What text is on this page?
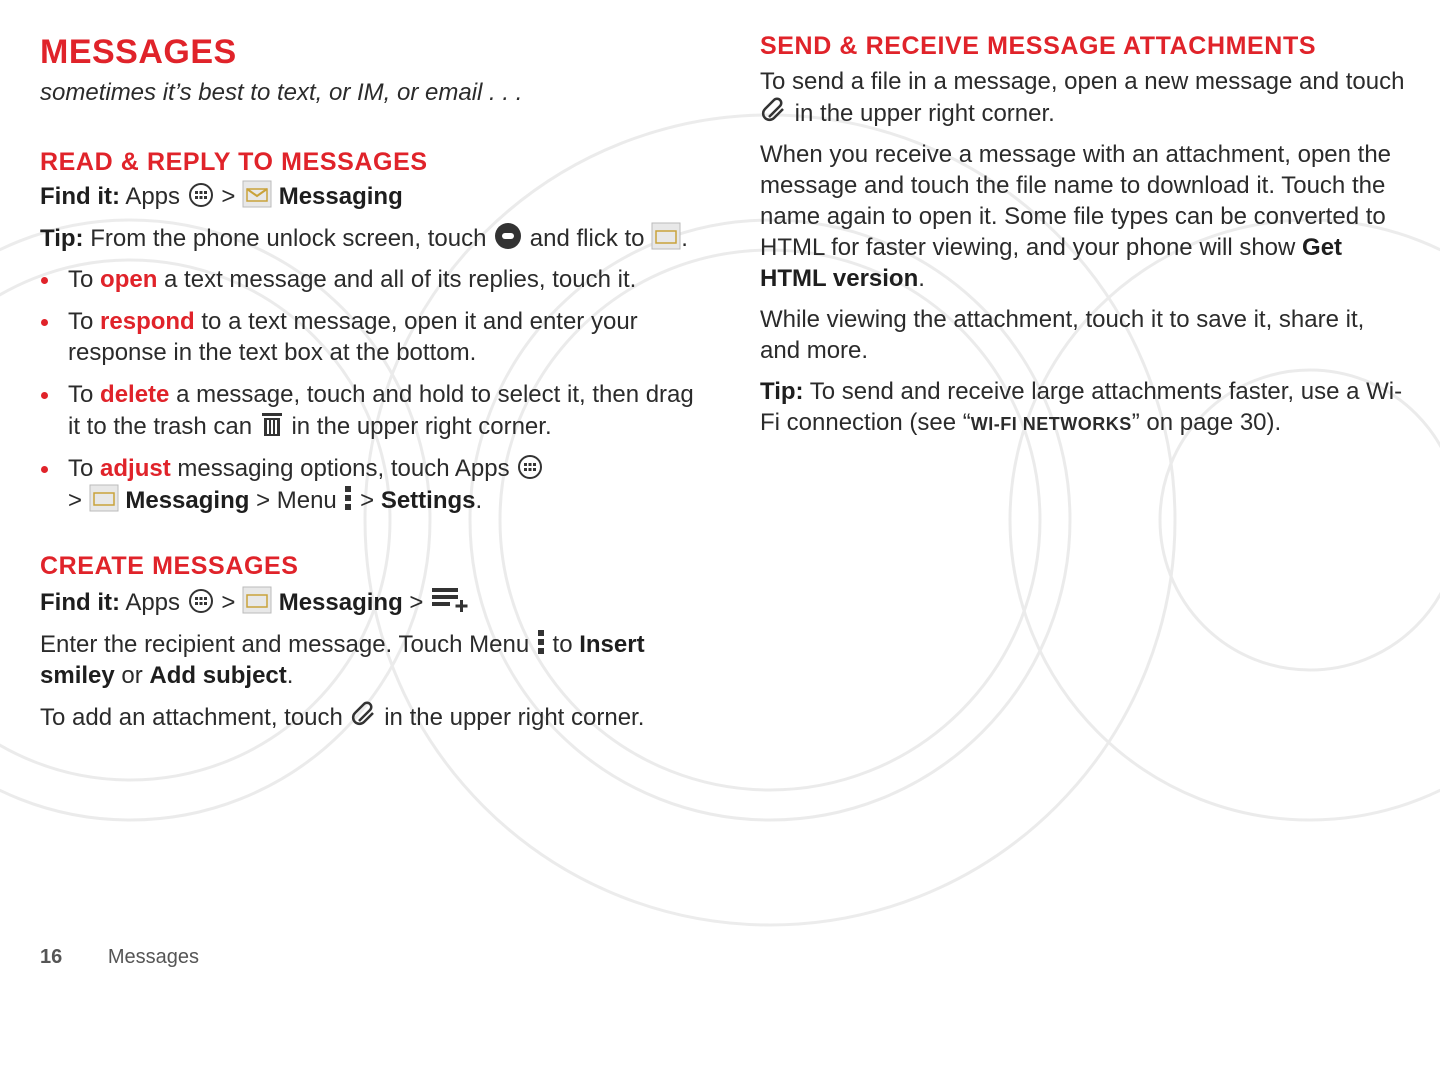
MESSAGES

sometimes it’s best to text, or IM, or email . . .

READ & REPLY TO MESSAGES

Find it: Apps > Messaging

Tip: From the phone unlock screen, touch and flick to .

To open a text message and all of its replies, touch it.
To respond to a text message, open it and enter your response in the text box at the bottom.
To delete a message, touch and hold to select it, then drag it to the trash can in the upper right corner.
To adjust messaging options, touch Apps
> Messaging > Menu > Settings.
CREATE MESSAGES

Find it: Apps > Messaging >

Enter the recipient and message. Touch Menu to Insert smiley or Add subject.

To add an attachment, touch in the upper right corner.

SEND & RECEIVE MESSAGE ATTACHMENTS

To send a file in a message, open a new message and touch  in the upper right corner.

When you receive a message with an attachment, open the message and touch the file name to download it. Touch the name again to open it. Some file types can be converted to HTML for faster viewing, and your phone will show Get HTML version.

While viewing the attachment, touch it to save it, share it, and more.

Tip: To send and receive large attachments faster, use a Wi-Fi connection (see “WI-FI NETWORKS” on page 30).

16 Messages
